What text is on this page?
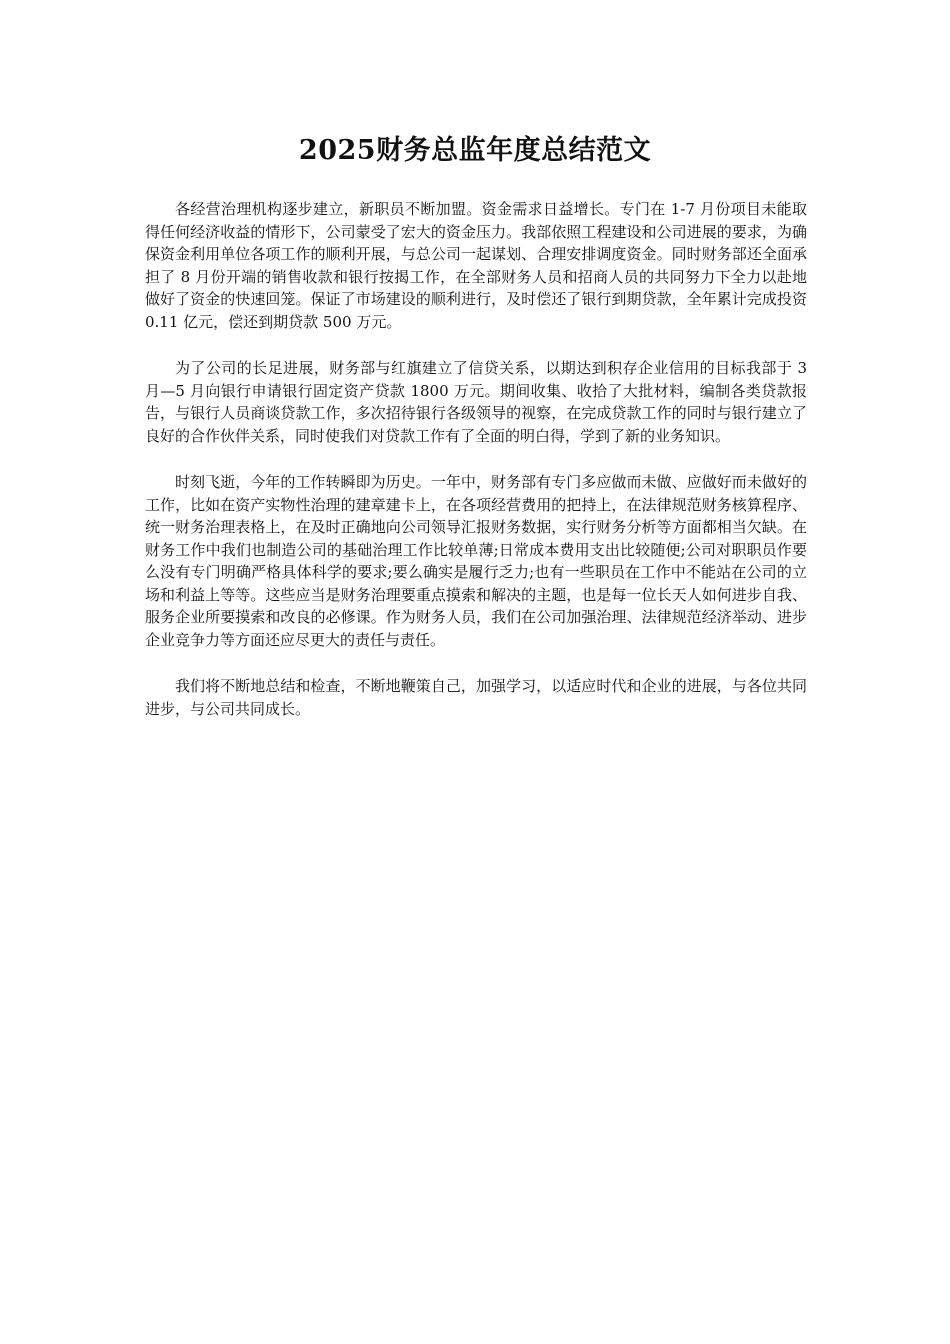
2025财务总监年度总结范文

各经营治理机构逐步建立，新职员不断加盟。资金需求日益增长。专门在 1-7 月份项目未能取得任何经济收益的情形下，公司蒙受了宏大的资金压力。我部依照工程建设和公司进展的要求，为确保资金利用单位各项工作的顺利开展，与总公司一起谋划、合理安排调度资金。同时财务部还全面承担了 8 月份开端的销售收款和银行按揭工作，在全部财务人员和招商人员的共同努力下全力以赴地做好了资金的快速回笼。保证了市场建设的顺利进行，及时偿还了银行到期贷款，全年累计完成投资 0.11 亿元，偿还到期贷款 500 万元。

为了公司的长足进展，财务部与红旗建立了信贷关系，以期达到积存企业信用的目标我部于 3 月—5 月向银行申请银行固定资产贷款 1800 万元。期间收集、收拾了大批材料，编制各类贷款报告，与银行人员商谈贷款工作，多次招待银行各级领导的视察，在完成贷款工作的同时与银行建立了良好的合作伙伴关系，同时使我们对贷款工作有了全面的明白得，学到了新的业务知识。

时刻飞逝，今年的工作转瞬即为历史。一年中，财务部有专门多应做而未做、应做好而未做好的工作，比如在资产实物性治理的建章建卡上，在各项经营费用的把持上，在法律规范财务核算程序、统一财务治理表格上，在及时正确地向公司领导汇报财务数据，实行财务分析等方面都相当欠缺。在财务工作中我们也制造公司的基础治理工作比较单薄;日常成本费用支出比较随便;公司对职职员作要么没有专门明确严格具体科学的要求;要么确实是履行乏力;也有一些职员在工作中不能站在公司的立场和利益上等等。这些应当是财务治理要重点摸索和解决的主题，也是每一位长天人如何进步自我、服务企业所要摸索和改良的必修课。作为财务人员，我们在公司加强治理、法律规范经济举动、进步企业竞争力等方面还应尽更大的责任与责任。

我们将不断地总结和检查，不断地鞭策自己，加强学习，以适应时代和企业的进展，与各位共同进步，与公司共同成长。
